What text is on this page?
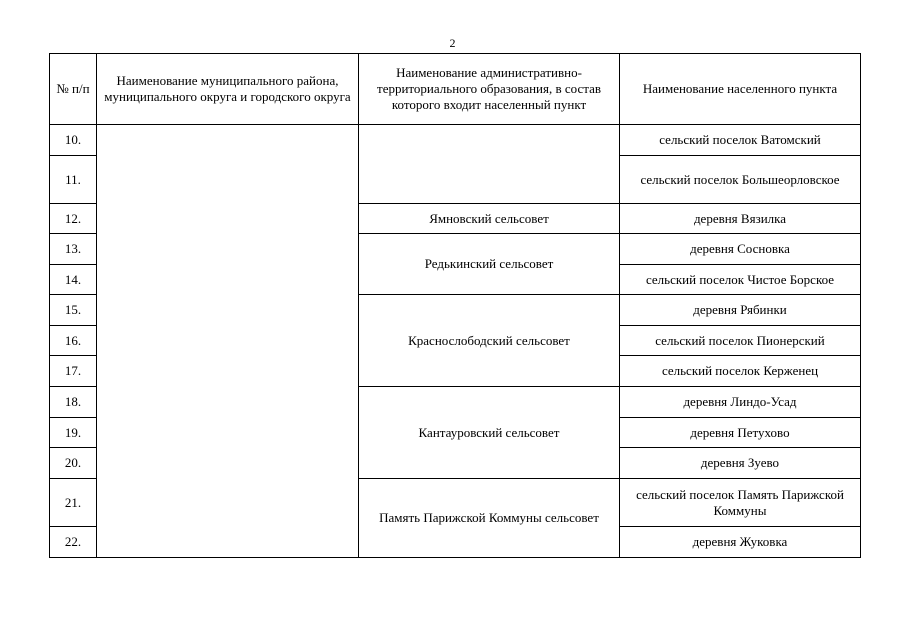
2
№ п/п	Наименование муниципального района, муниципального округа и городского округа	Наименование административно-территориального образования, в состав которого входит населенный пункт	Наименование населенного пункта
10.			сельский поселок Ватомский
11.			сельский поселок Большеорловское
12.		Ямновский сельсовет	деревня Вязилка
13.		Редькинский сельсовет	деревня Сосновка
14.			сельский поселок Чистое Борское
15.		Краснослободский сельсовет	деревня Рябинки
16.			сельский поселок Пионерский
17.			сельский поселок Керженец
18.		Кантауровский сельсовет	деревня Линдо-Усад
19.			деревня Петухово
20.			деревня Зуево
21.		Память Парижской Коммуны сельсовет	сельский поселок Память Парижской Коммуны
22.			деревня Жуковка
